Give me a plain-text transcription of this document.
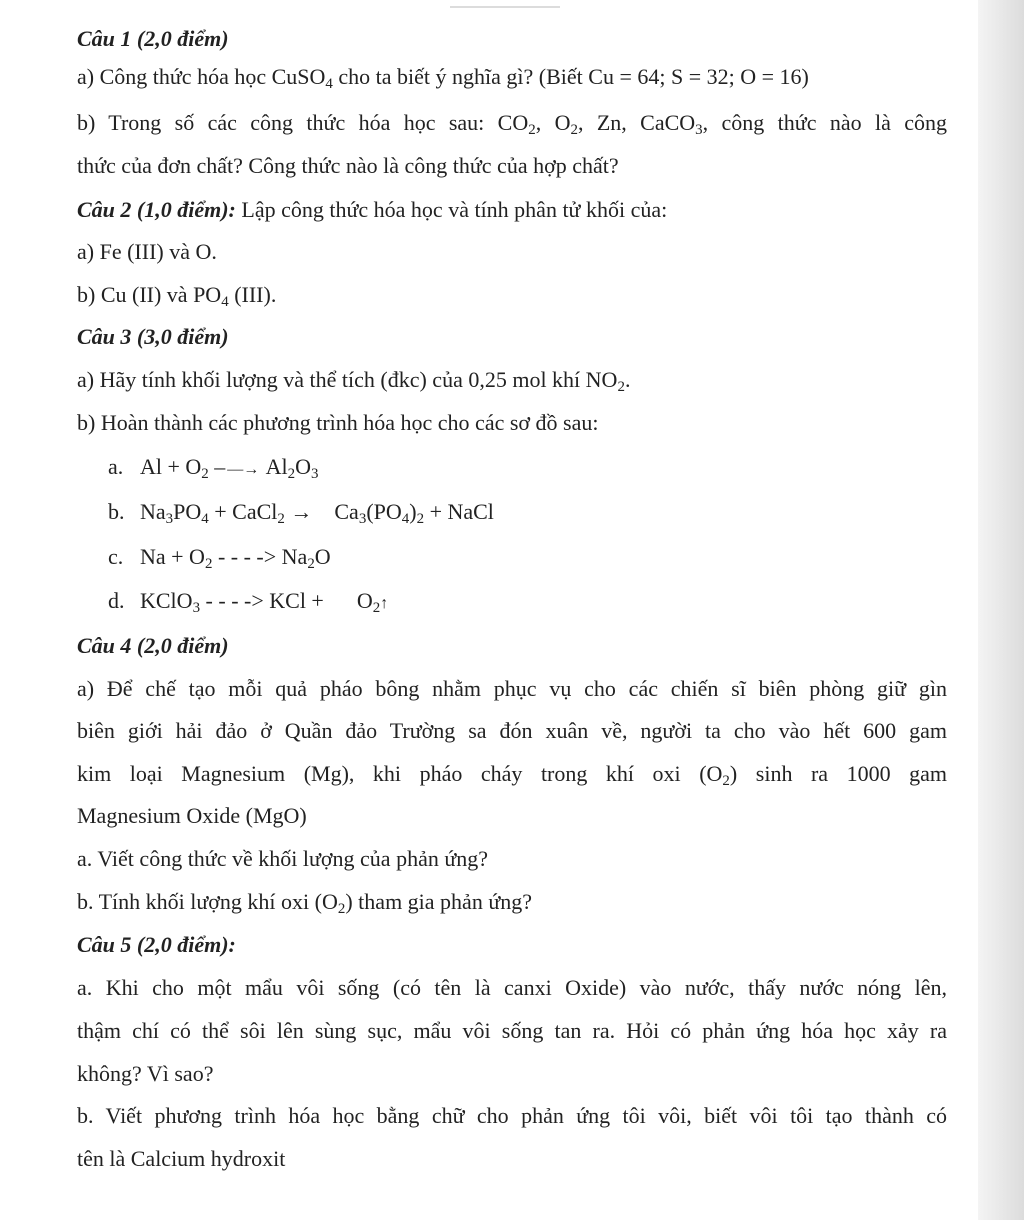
Câu 1 (2,0 điểm)
a) Công thức hóa học CuSO$_4$ cho ta biết ý nghĩa gì? (Biết Cu = 64; S = 32; O = 16)
b) Trong số các công thức hóa học sau: $CO_2$, $O_2$, Zn, CaCO$_3$, công thức nào là công
thức của đơn chất? Công thức nào là công thức của hợp chất?
Câu 2 (1,0 điểm): Lập công thức hóa học và tính phân tử khối của:
a) Fe (III) và O.
b) Cu (II) và $PO_4$ (III).
Câu 3 (3,0 điểm)
a) Hãy tính khối lượng và thể tích (đkc) của 0,25 mol khí $NO_2$.
b) Hoàn thành các phương trình hóa học cho các sơ đồ sau:
a. $Al + O_2$ – ―→ $Al_2O_3$
b. $Na_3PO_4$ + CaCl$_2$ →    $Ca_3(PO_4)_2$ + NaCl
c. $Na + O_2$ - - - -> $Na_2O$
d. KClO$_3$ - - - -> KCl +      $O_2↑$
Câu 4 (2,0 điểm)
a) Để chế tạo mỗi quả pháo bông nhằm phục vụ cho các chiến sĩ biên phòng giữ gìn
biên giới hải đảo ở Quần đảo Trường sa đón xuân về, người ta cho vào hết 600 gam
kim loại Magnesium (Mg), khi pháo cháy trong khí oxi $(O_2)$ sinh ra 1000 gam
Magnesium Oxide (MgO)
a. Viết công thức về khối lượng của phản ứng?
b. Tính khối lượng khí oxi $(O_2)$ tham gia phản ứng?
Câu 5 (2,0 điểm):
a. Khi cho một mẩu vôi sống (có tên là canxi Oxide) vào nước, thấy nước nóng lên,
thậm chí có thể sôi lên sùng sục, mẩu vôi sống tan ra. Hỏi có phản ứng hóa học xảy ra
không? Vì sao?
b. Viết phương trình hóa học bằng chữ cho phản ứng tôi vôi, biết vôi tôi tạo thành có
tên là Calcium hydroxit
